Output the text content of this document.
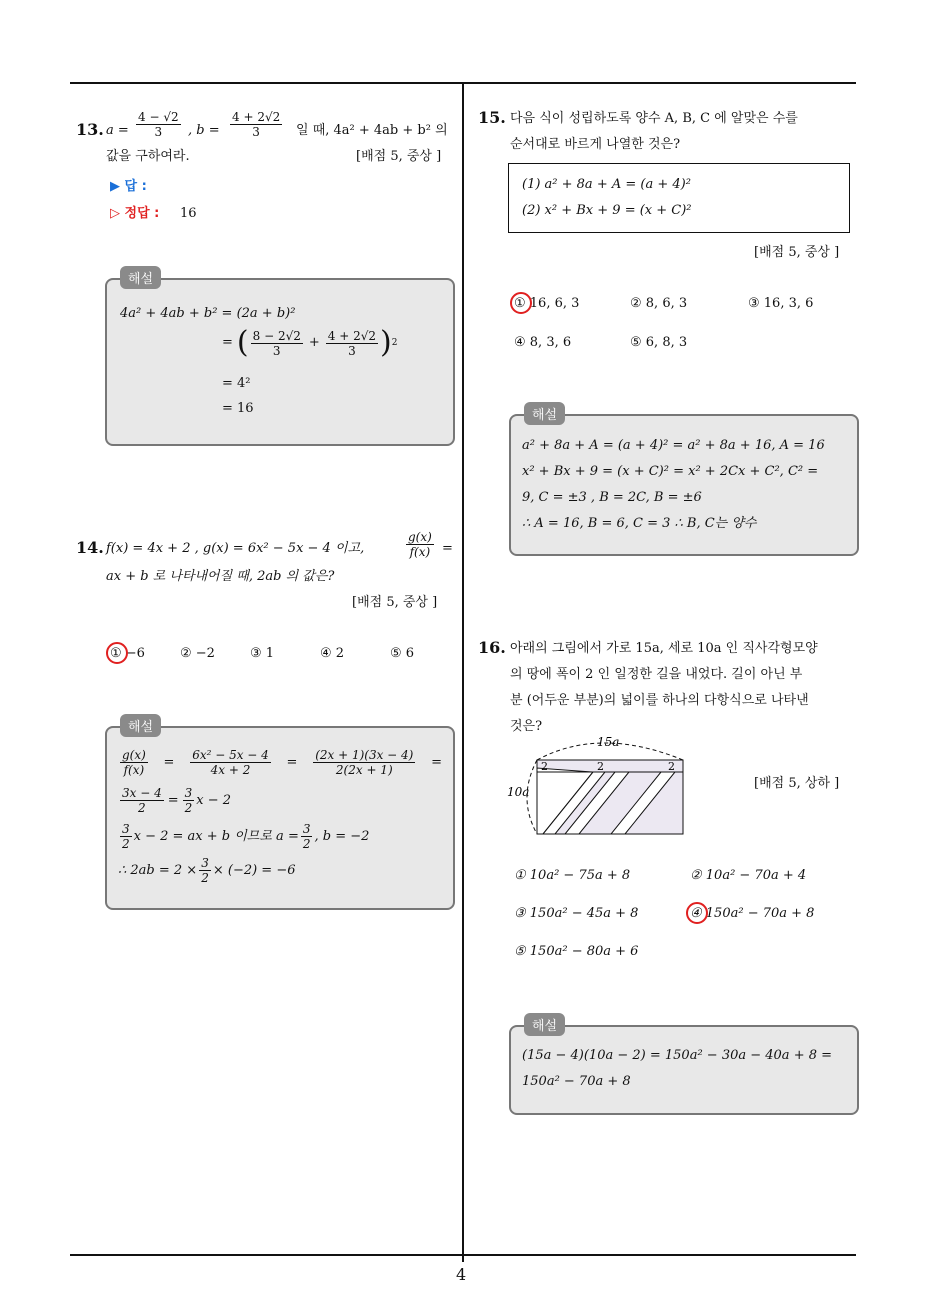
4
13. $a = \frac{4 - √2}{3}$ , $b = \frac{4 + 2√2}{3}$ 일 때, 4a² + 4ab + b² 의
값을 구하여라.	[배점 5, 중상 ]
▶ 답 :
▷ 정답 : 16
해설
4a² + 4ab + b² = (2a + b)²
= ( $\frac{8 - 2√2}{3} + \frac{4 + 2√2}{3}$ ) 2
= 4²
= 16
14. f(x) = 4x + 2 , g(x) = 6x² − 5x − 4 이고,	$\frac{g(x)}{f(x)}$ =
ax + b 로 나타내어질 때, 2ab 의 값은?
[배점 5, 중상 ]
① −6	② −2	③ 1	④ 2	⑤ 6
해설
$\frac{g(x)}{f(x)} = \frac{\text{6x² − 5x − 4}}{4x + 2} = \frac{(2x + 1)(3x - 4)}{2(2x + 1)}$ =
$\frac{3x - 4}{2} = \frac{3}{2}$ x − 2
$\frac{3}{2}$ x − 2 = ax + b 이므로 $a = \frac{3}{2}$ , b = −2
∴ $2ab = 2 \times \frac{3}{2} \times (-2) = -6$
15. 다음 식이 성립하도록 양수 A, B, C 에 알맞은 수를
순서대로 바르게 나열한 것은?
(1) a² + 8a + A = (a + 4)²
(2) x² + Bx + 9 = (x + C)²
[배점 5, 중상 ]
① 16, 6, 3	② 8, 6, 3	③ 16, 3, 6
④ 8, 3, 6	⑤ 6, 8, 3
해설
a² + 8a + A = (a + 4)² = a² + 8a + 16, A = 16
x² + Bx + 9 = (x + C)² = x² + 2Cx + C², C² =
9, C = ±3 , B = 2C, B = ±6
∴ A = 16, B = 6, C = 3 ∴ B, C는 양수
16. 아래의 그림에서 가로 15a, 세로 10a 인 직사각형모양
의 땅에 폭이 2 인 일정한 길을 내었다. 길이 아닌 부
분 (어두운 부분)의 넓이를 하나의 다항식으로 나타낸
것은?
2	2	2
15a
10a
[배점 5, 상하 ]
① 10a² − 75a + 8	② 10a² − 70a + 4
③ 150a² − 45a + 8	④ 150a² − 70a + 8
⑤ 150a² − 80a + 6
해설
(15a − 4)(10a − 2) = 150a² − 30a − 40a + 8 =
150a² − 70a + 8
